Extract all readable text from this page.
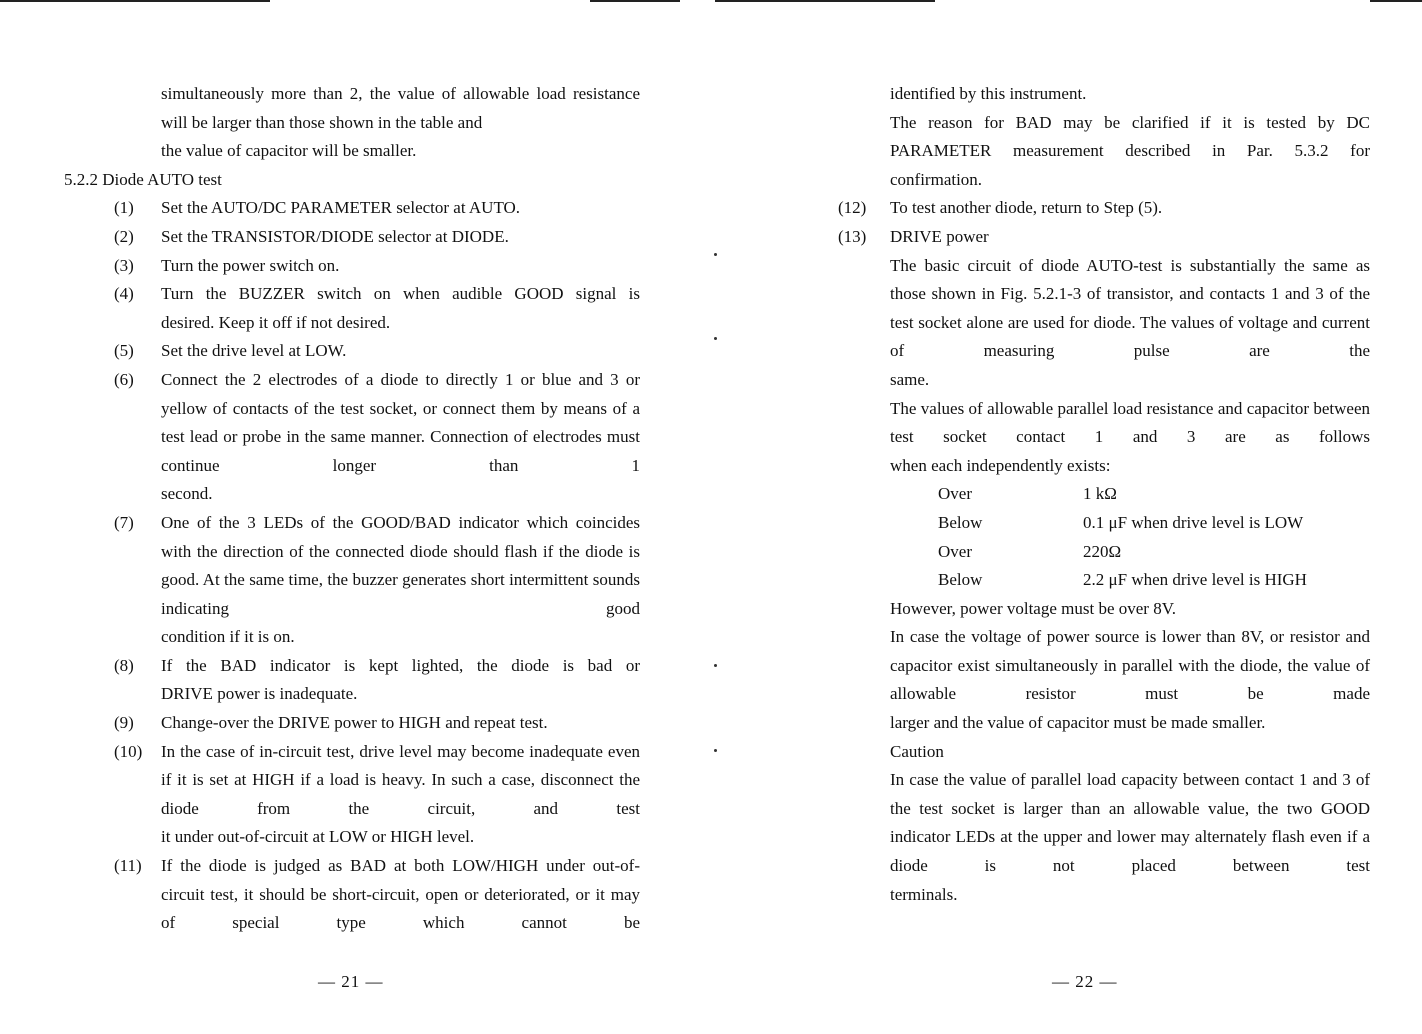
simultaneously more than 2, the value of allowable load resistance will be larger than those shown in the table and

the value of capacitor will be smaller.
5.2.2 Diode AUTO test
(1)	Set the AUTO/DC PARAMETER selector at AUTO.
(2)	Set the TRANSISTOR/DIODE selector at DIODE.
(3)	Turn the power switch on.
(4)	Turn the BUZZER switch on when audible GOOD signal is

desired. Keep it off if not desired.
(5)	Set the drive level at LOW.
(6)	Connect the 2 electrodes of a diode to directly 1 or blue and 3 or yellow of contacts of the test socket, or connect them by means of a test lead or probe in the same manner. Connection of electrodes must continue longer than 1

second.
(7)	One of the 3 LEDs of the GOOD/BAD indicator which coincides with the direction of the connected diode should flash if the diode is good. At the same time, the buzzer generates short intermittent sounds indicating good

condition if it is on.
(8)	If the BAD indicator is kept lighted, the diode is bad or

DRIVE power is inadequate.
(9)	Change-over the DRIVE power to HIGH and repeat test.
(10)	In the case of in-circuit test, drive level may become inadequate even if it is set at HIGH if a load is heavy. In such a case, disconnect the diode from the circuit, and test

it under out-of-circuit at LOW or HIGH level.
(11)	If the diode is judged as BAD at both LOW/HIGH under out-of-circuit test, it should be short-circuit, open or deteriorated, or it may of special type which cannot be

— 21 —
identified by this instrument.

The reason for BAD may be clarified if it is tested by DC PARAMETER measurement described in Par. 5.3.2 for

confirmation.
(12)	To test another diode, return to Step (5).
(13)	DRIVE power

The basic circuit of diode AUTO-test is substantially the same as those shown in Fig. 5.2.1-3 of transistor, and contacts 1 and 3 of the test socket alone are used for diode. The values of voltage and current of measuring pulse are the

same.

The values of allowable parallel load resistance and capacitor between test socket contact 1 and 3 are as follows

when each independently exists:
Over	1 kΩ
Below	0.1 μF when drive level is LOW
Over	220Ω
Below	2.2 μF when drive level is HIGH
However, power voltage must be over 8V.

In case the voltage of power source is lower than 8V, or resistor and capacitor exist simultaneously in parallel with the diode, the value of allowable resistor must be made

larger and the value of capacitor must be made smaller.
Caution

In case the value of parallel load capacity between contact 1 and 3 of the test socket is larger than an allowable value, the two GOOD indicator LEDs at the upper and lower may alternately flash even if a diode is not placed between test

terminals.
— 22 —
